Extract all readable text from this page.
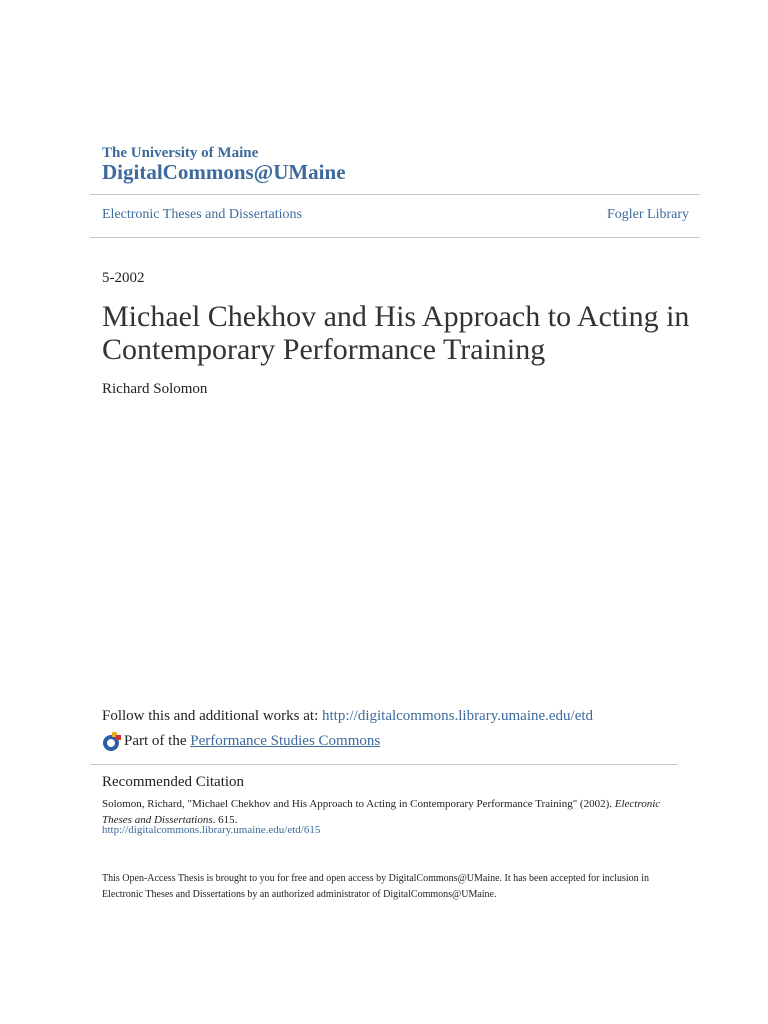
The University of Maine
DigitalCommons@UMaine
Electronic Theses and Dissertations	Fogler Library
5-2002
Michael Chekhov and His Approach to Acting in Contemporary Performance Training
Richard Solomon
Follow this and additional works at: http://digitalcommons.library.umaine.edu/etd
Part of the
Performance Studies Commons
Recommended Citation
Solomon, Richard, "Michael Chekhov and His Approach to Acting in Contemporary Performance Training" (2002). Electronic Theses and Dissertations. 615.
http://digitalcommons.library.umaine.edu/etd/615
This Open-Access Thesis is brought to you for free and open access by DigitalCommons@UMaine. It has been accepted for inclusion in Electronic Theses and Dissertations by an authorized administrator of DigitalCommons@UMaine.
